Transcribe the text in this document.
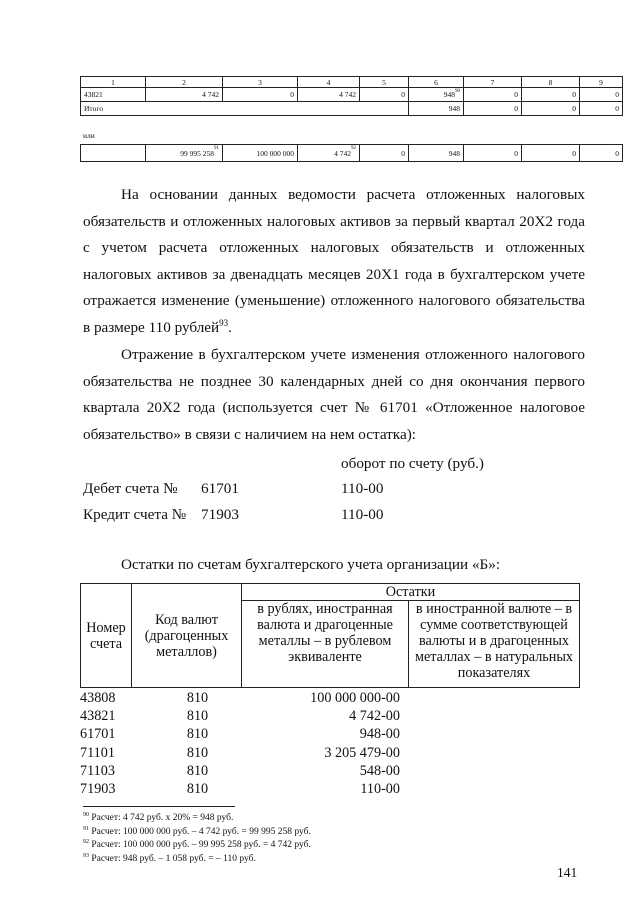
1	2	3	4	5	6	7	8	9
43821	4 742	0	4 742	0	$948^{90}$	0	0	0
Итого					948	0	0	0
или
	99 995 $258^{91}$	100 000 000	4 $742^{92}$	0	948	0	0	0

На основании данных ведомости расчета отложенных налоговых обязательств и отложенных налоговых активов за первый квартал 20Х2 года с учетом расчета отложенных налоговых обязательств и отложенных налоговых активов за двенадцать месяцев 20Х1 года в бухгалтерском учете отражается изменение (уменьшение) отложенного налогового обязательства в размере 110 рублей$^{93}$.

Отражение в бухгалтерском учете изменения отложенного налогового обязательства не позднее 30 календарных дней со дня окончания первого квартала 20Х2 года (используется счет № 61701 «Отложенное налоговое обязательство» в связи с наличием на нем остатка):

оборот по счету (руб.)
Дебет счета № 61701	110-00
Кредит счета № 71903	110-00
Остатки по счетам бухгалтерского учета организации «Б»:
Номер счета	Код валют (драгоценных металлов)	Остатки	
		в рублях, иностранная валюта и драгоценные металлы – в рублевом эквиваленте	в иностранной валюте – в сумме соответствующей валюты и в драгоценных металлах – в натуральных показателях
43808	810	100 000 000-00
43821	810	4 742-00
61701	810	948-00
71101	810	3 205 479-00
71103	810	548-00
71903	810	110-00
$^{90}$ Расчет: 4 742 руб. х 20% = 948 руб.
$^{91}$ Расчет: 100 000 000 руб. – 4 742 руб. = 99 995 258 руб.
$^{92}$ Расчет: 100 000 000 руб. – 99 995 258 руб. = 4 742 руб.
$^{93}$ Расчет: 948 руб. – 1 058 руб. = – 110 руб.
141
